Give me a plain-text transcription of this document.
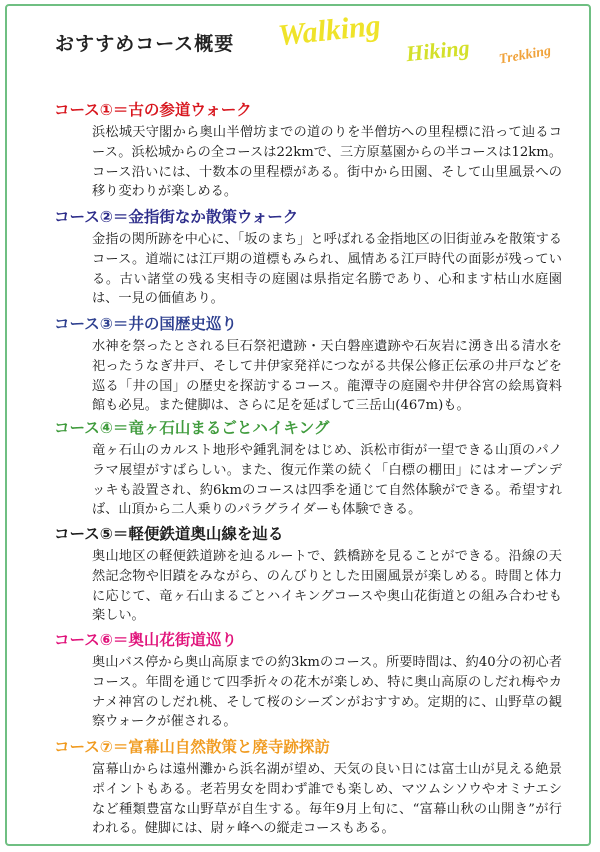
おすすめコース概要 Walking Hiking Trekking
コース①＝古の参道ウォーク
浜松城天守閣から奥山半僧坊までの道のりを半僧坊への里程標に沿って辿るコース。浜松城からの全コースは22kmで、三方原墓園からの半コースは12km。コース沿いには、十数本の里程標がある。街中から田園、そして山里風景への移り変わりが楽しめる。
コース②＝金指街なか散策ウォーク
金指の関所跡を中心に、「坂のまち」と呼ばれる金指地区の旧街並みを散策するコース。道端には江戸期の道標もみられ、風情ある江戸時代の面影が残っている。古い諸堂の残る実相寺の庭園は県指定名勝であり、心和ます枯山水庭園は、一見の価値あり。
コース③＝井の国歴史巡り
水神を祭ったとされる巨石祭祀遺跡・天白磐座遺跡や石灰岩に湧き出る清水を祀ったうなぎ井戸、そして井伊家発祥につながる共保公修正伝承の井戸などを巡る「井の国」の歴史を探訪するコース。龍潭寺の庭園や井伊谷宮の絵馬資料館も必見。また健脚は、さらに足を延ばして三岳山(467m)も。
コース④＝竜ヶ石山まるごとハイキング
竜ヶ石山のカルスト地形や鍾乳洞をはじめ、浜松市街が一望できる山頂のパノラマ展望がすばらしい。また、復元作業の続く「白標の棚田」にはオープンデッキも設置され、約6kmのコースは四季を通じて自然体験ができる。希望すれば、山頂から二人乗りのパラグライダーも体験できる。
コース⑤＝軽便鉄道奥山線を辿る
奥山地区の軽便鉄道跡を辿るルートで、鉄橋跡を見ることができる。沿線の天然記念物や旧蹟をみながら、のんびりとした田園風景が楽しめる。時間と体力に応じて、竜ヶ石山まるごとハイキングコースや奥山花街道との組み合わせも楽しい。
コース⑥＝奥山花街道巡り
奥山バス停から奥山高原までの約3kmのコース。所要時間は、約40分の初心者コース。年間を通じて四季折々の花木が楽しめ、特に奥山高原のしだれ梅やカナメ神宮のしだれ桃、そして桜のシーズンがおすすめ。定期的に、山野草の観察ウォークが催される。
コース⑦＝富幕山自然散策と廃寺跡探訪
富幕山からは遠州灘から浜名湖が望め、天気の良い日には富士山が見える絶景ポイントもある。老若男女を問わず誰でも楽しめ、マツムシソウやオミナエシなど種類豊富な山野草が自生する。毎年9月上旬に、“富幕山秋の山開き”が行われる。健脚には、尉ヶ峰への縦走コースもある。
